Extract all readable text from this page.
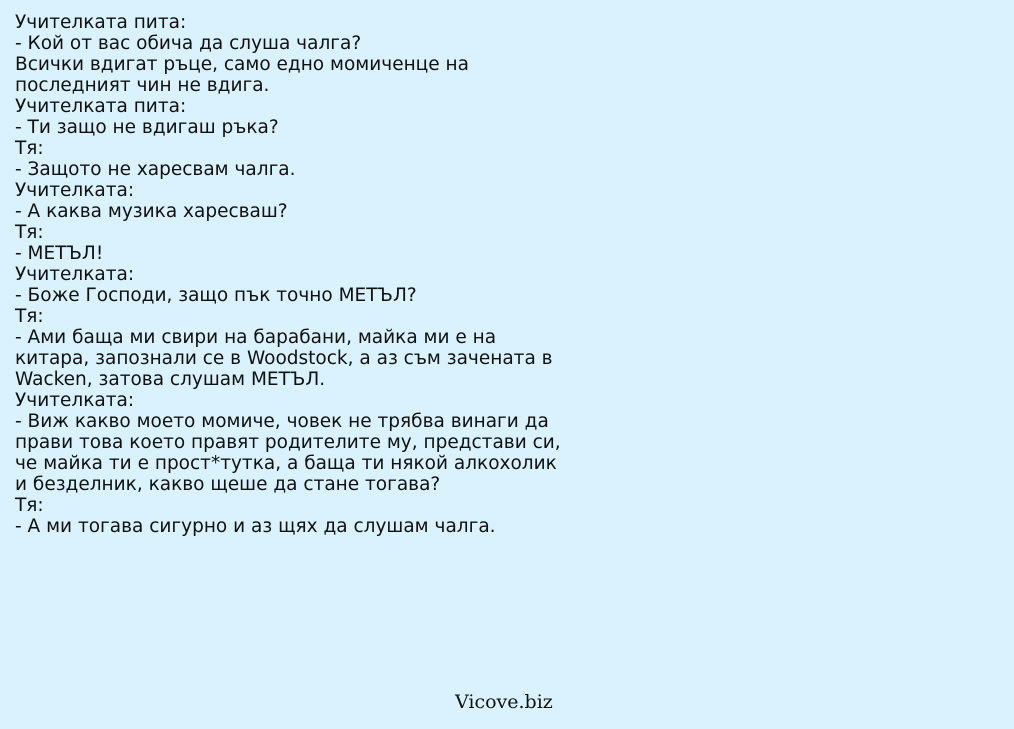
Учителката пита:
- Кой от вас обича да слуша чалга?
Всички вдигат ръце, само едно момиченце на
последният чин не вдига.
Учителката пита:
- Ти защо не вдигаш ръка?
Тя:
- Защото не харесвам чалга.
Учителката:
- А каква музика харесваш?
Тя:
- МЕТЪЛ!
Учителката:
- Боже Господи, защо пък точно МЕТЪЛ?
Тя:
- Ами баща ми свири на барабани, майка ми е на
китара, запознали се в Woodstock, а аз съм зачената в
Wacken, затова слушам МЕТЪЛ.
Учителката:
- Виж какво моето момиче, човек не трябва винаги да
прави това което правят родителите му, представи си,
че майка ти е прост*тутка, а баща ти някой алкохолик
и безделник, какво щеше да стане тогава?
Тя:
- А ми тогава сигурно и аз щях да слушам чалга.
Vicove.biz
